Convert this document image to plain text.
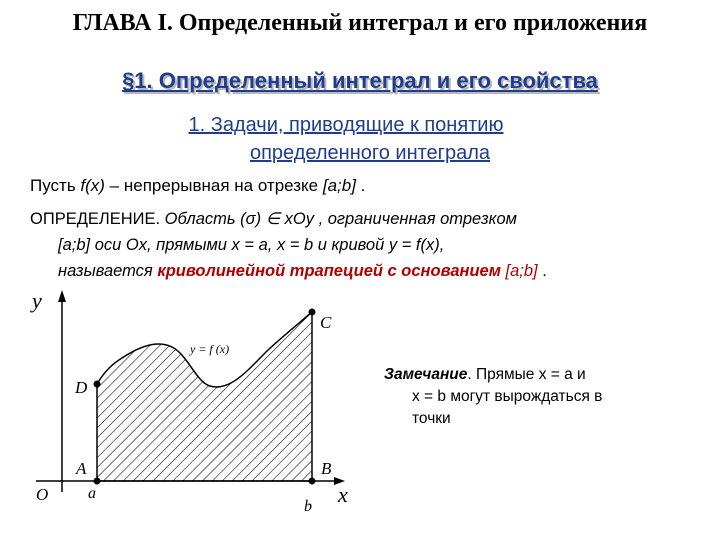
ГЛАВА I. Определенный интеграл и его приложения
§1. Определенный интеграл и его свойства
1. Задачи, приводящие к понятию
определенного интеграла
Пусть f(x) – непрерывная на отрезке [a;b] .
ОПРЕДЕЛЕНИЕ. Область (σ) ∈ xOy , ограниченная отрезком
[a;b] оси Ox, прямыми x = a, x = b и кривой y = f(x),
называется криволинейной трапецией с основанием [a;b] .
y
x
O a
b
A	B
C
D
y = f (x)
Замечание. Прямые x = a и
x = b могут вырождаться в
точки
